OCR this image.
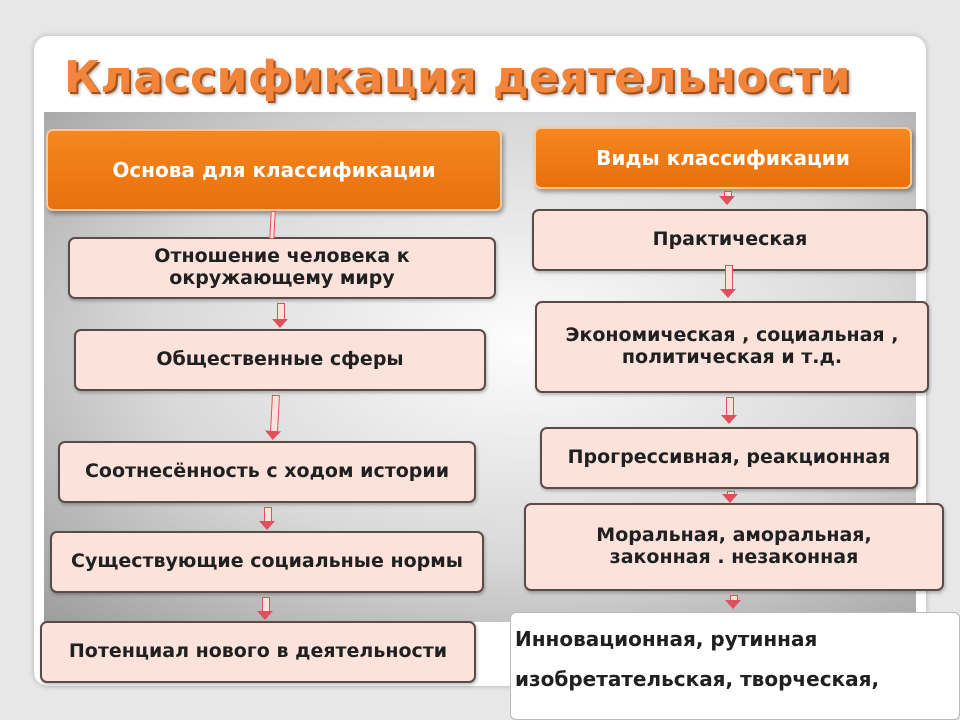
Классификация деятельности
Основа для классификации
Отношение человека к окружающему миру
Общественные сферы
Соотнесённость с ходом истории
Существующие социальные нормы
Потенциал нового в деятельности
Виды классификации
Практическая
Экономическая , социальная , политическая и т.д.
Прогрессивная, реакционная
Моральная, аморальная, законная . незаконная
Инновационная, рутинная
изобретательская, творческая,
